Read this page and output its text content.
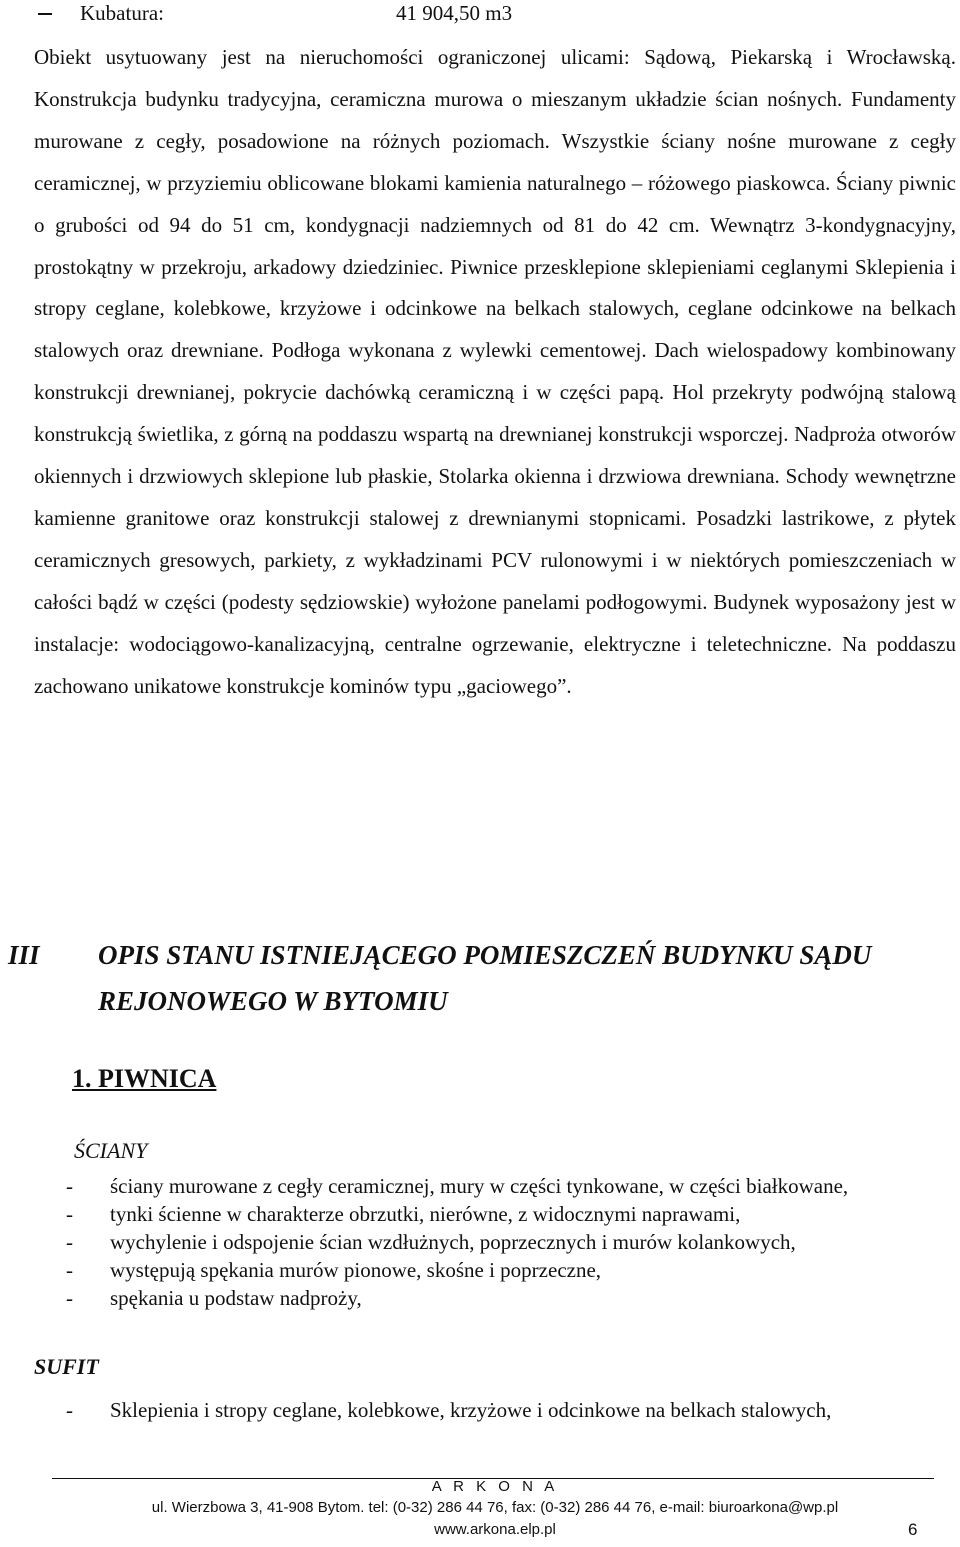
Kubatura:	41 904,50 m3

Obiekt usytuowany jest na nieruchomości ograniczonej ulicami: Sądową, Piekarską i Wrocławską. Konstrukcja budynku tradycyjna, ceramiczna murowa o mieszanym układzie ścian nośnych. Fundamenty murowane z cegły, posadowione na różnych poziomach. Wszystkie ściany nośne murowane z cegły ceramicznej, w przyziemiu oblicowane blokami kamienia naturalnego – różowego piaskowca. Ściany piwnic o grubości od 94 do 51 cm, kondygnacji nadziemnych od 81 do 42 cm. Wewnątrz 3-kondygnacyjny, prostokątny w przekroju, arkadowy dziedziniec. Piwnice przesklepione sklepieniami ceglanymi Sklepienia i stropy ceglane, kolebkowe, krzyżowe i odcinkowe na belkach stalowych, ceglane odcinkowe na belkach stalowych oraz drewniane. Podłoga wykonana z wylewki cementowej. Dach wielospadowy kombinowany konstrukcji drewnianej, pokrycie dachówką ceramiczną i w części papą. Hol przekryty podwójną stalową konstrukcją świetlika, z górną na poddaszu wspartą na drewnianej konstrukcji wsporczej. Nadproża otworów okiennych i drzwiowych sklepione lub płaskie, Stolarka okienna i drzwiowa drewniana. Schody wewnętrzne kamienne granitowe oraz konstrukcji stalowej z drewnianymi stopnicami. Posadzki lastrikowe, z płytek ceramicznych gresowych, parkiety, z wykładzinami PCV rulonowymi i w niektórych pomieszczeniach w całości bądź w części (podesty sędziowskie) wyłożone panelami podłogowymi. Budynek wyposażony jest w instalacje: wodociągowo-kanalizacyjną, centralne ogrzewanie, elektryczne i teletechniczne. Na poddaszu zachowano unikatowe konstrukcje kominów typu „gaciowego”.

III OPIS STANU ISTNIEJĄCEGO POMIESZCZEŃ BUDYNKU SĄDU REJONOWEGO W BYTOMIU
1. PIWNICA
ŚCIANY
- ściany murowane z cegły ceramicznej, mury w części tynkowane, w części białkowane,
- tynki ścienne w charakterze obrzutki, nierówne, z widocznymi naprawami,
- wychylenie i odspojenie ścian wzdłużnych, poprzecznych i murów kolankowych,
- występują spękania murów pionowe, skośne i poprzeczne,
- spękania u podstaw nadproży,
SUFIT
- Sklepienia i stropy ceglane, kolebkowe, krzyżowe i odcinkowe na belkach stalowych,
A R K O N A
ul. Wierzbowa 3, 41-908 Bytom. tel: (0-32) 286 44 76, fax: (0-32) 286 44 76, e-mail: biuroarkona@wp.pl
www.arkona.elp.pl	6
